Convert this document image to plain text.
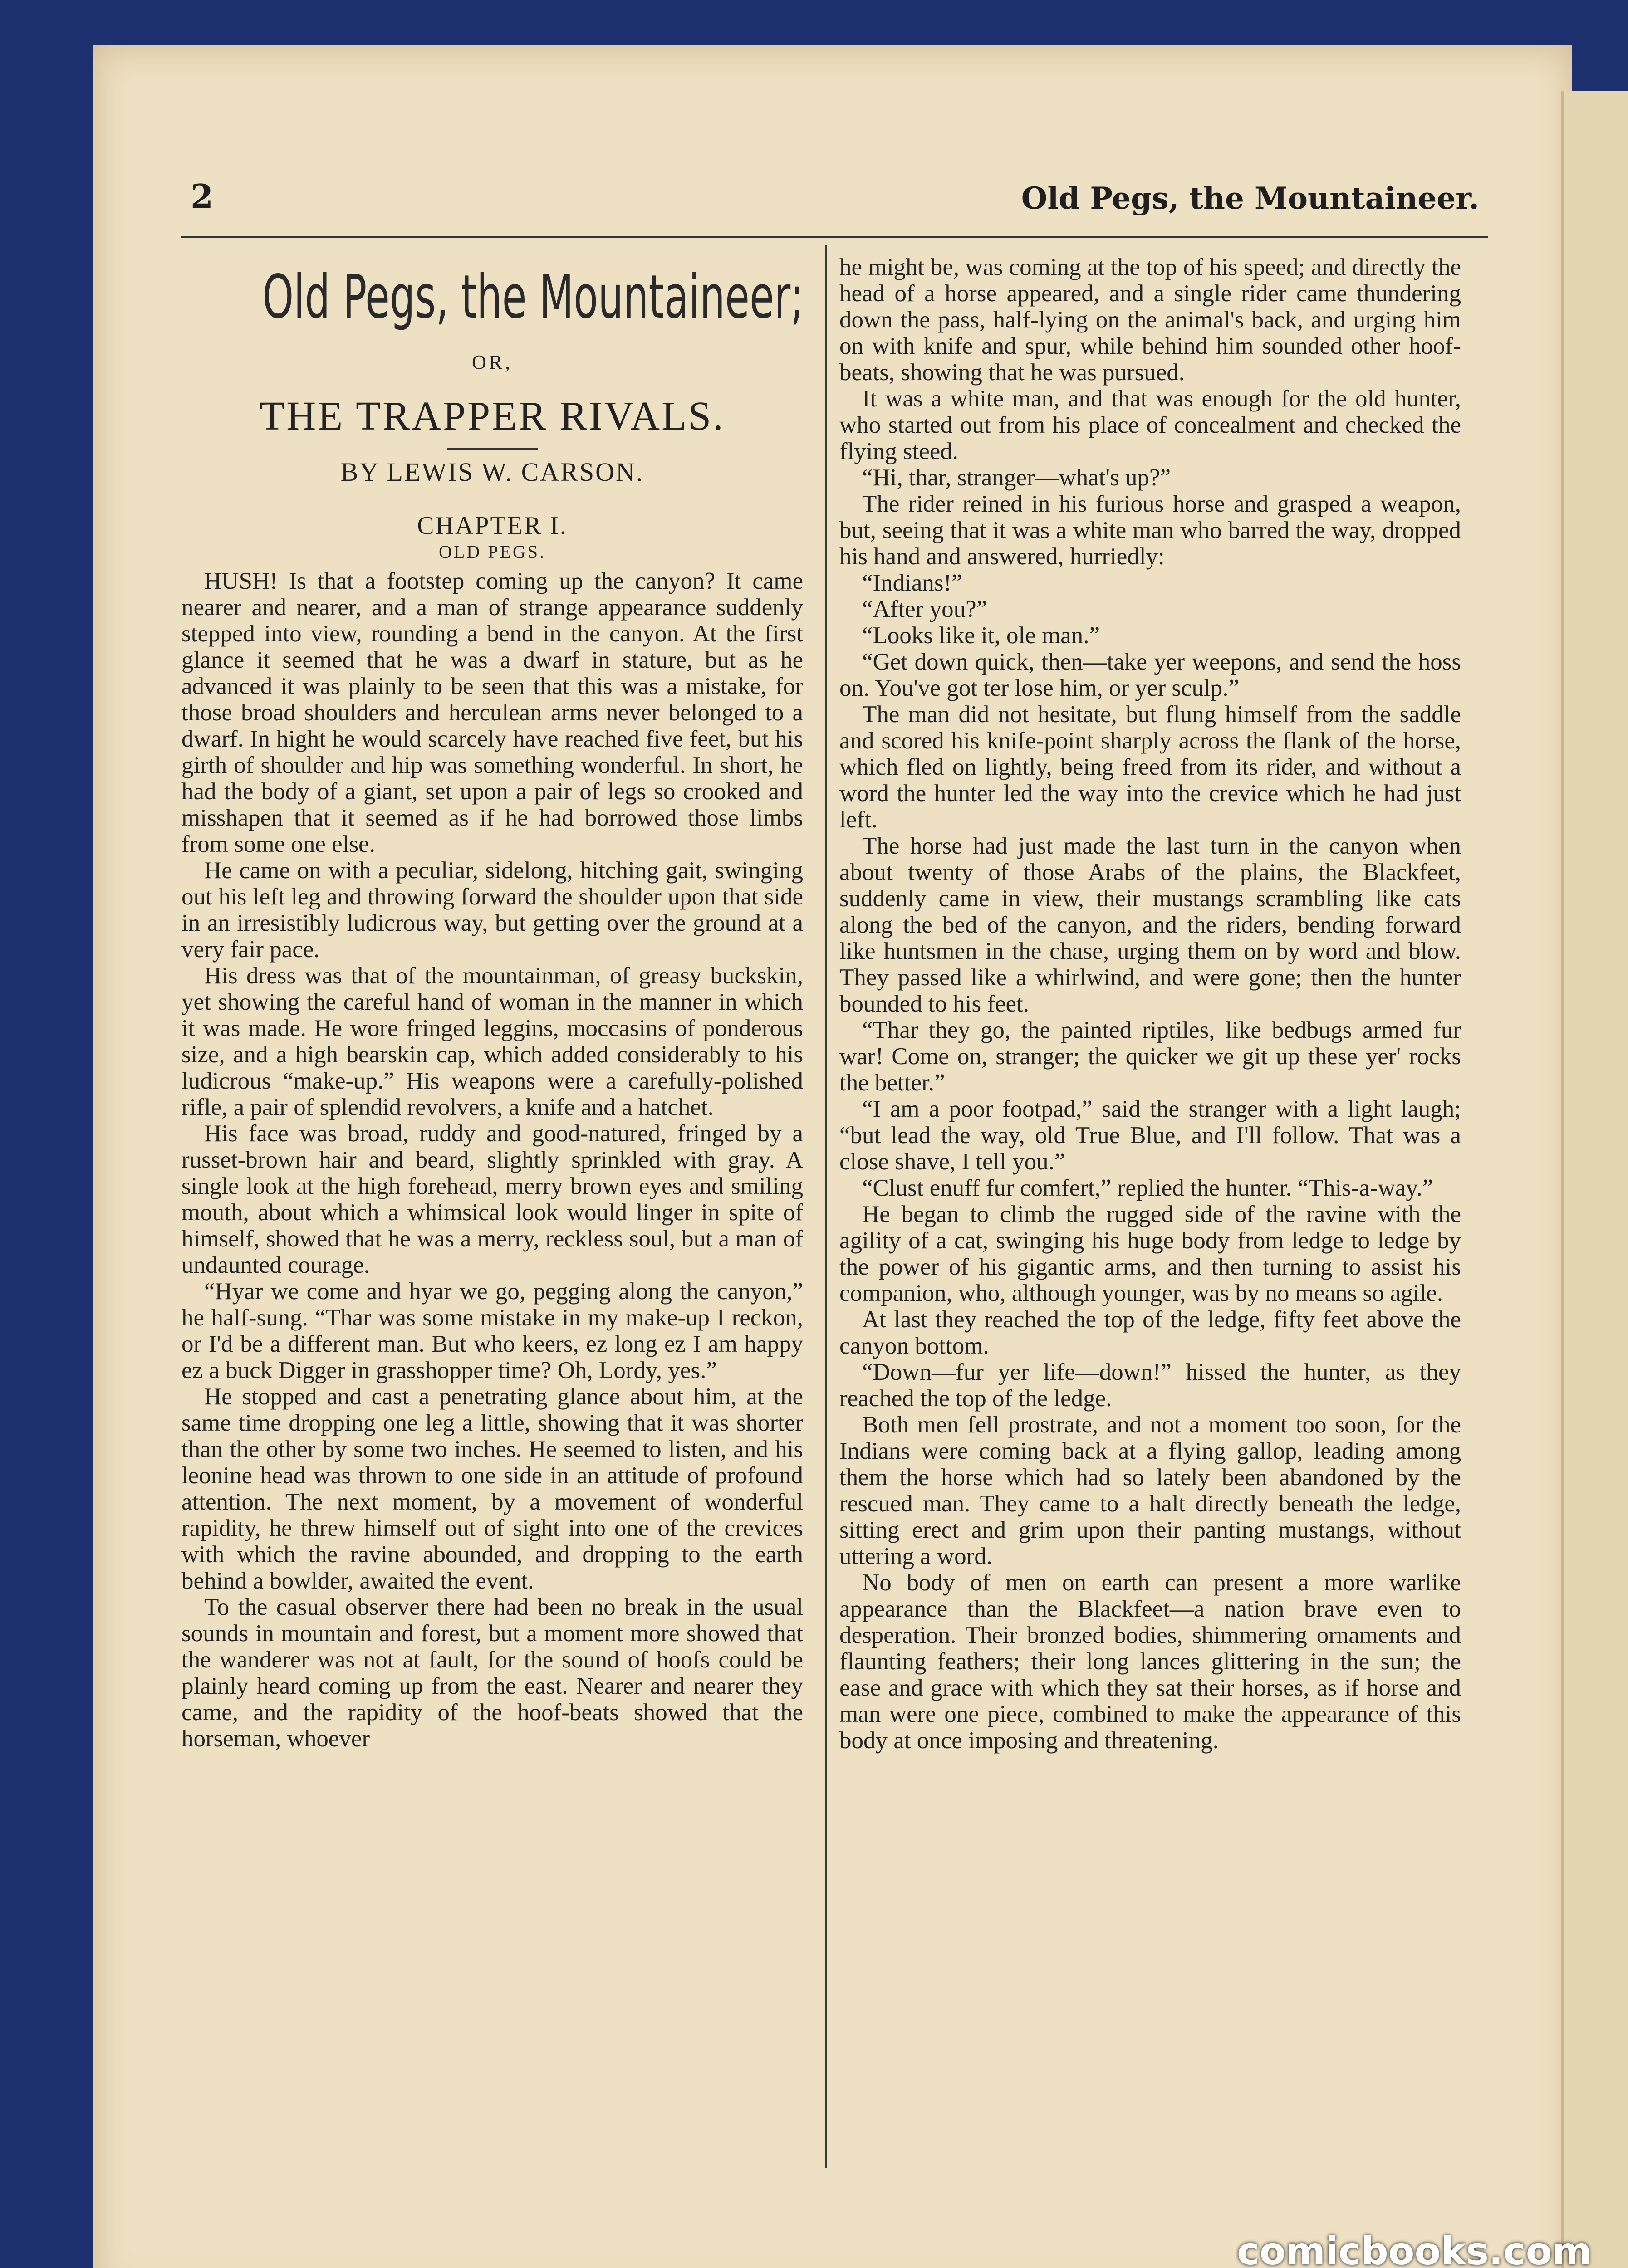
2	Old Pegs, the Mountaineer.
Old Pegs, the Mountaineer;
OR,
THE TRAPPER RIVALS.
BY LEWIS W. CARSON.
CHAPTER I.
OLD PEGS.

HUSH! Is that a footstep coming up the canyon? It came nearer and nearer, and a man of strange appearance suddenly stepped into view, rounding a bend in the canyon. At the first glance it seemed that he was a dwarf in stature, but as he advanced it was plainly to be seen that this was a mistake, for those broad shoulders and herculean arms never belonged to a dwarf. In hight he would scarcely have reached five feet, but his girth of shoulder and hip was something wonderful. In short, he had the body of a giant, set upon a pair of legs so crooked and misshapen that it seemed as if he had borrowed those limbs from some one else.

He came on with a peculiar, sidelong, hitching gait, swinging out his left leg and throwing forward the shoulder upon that side in an irresistibly ludicrous way, but getting over the ground at a very fair pace.

His dress was that of the mountainman, of greasy buckskin, yet showing the careful hand of woman in the manner in which it was made. He wore fringed leggins, moccasins of ponderous size, and a high bearskin cap, which added considerably to his ludicrous “make-up.” His weapons were a carefully-polished rifle, a pair of splendid revolvers, a knife and a hatchet.

His face was broad, ruddy and good-natured, fringed by a russet-brown hair and beard, slightly sprinkled with gray. A single look at the high forehead, merry brown eyes and smiling mouth, about which a whimsical look would linger in spite of himself, showed that he was a merry, reckless soul, but a man of undaunted courage.

“Hyar we come and hyar we go, pegging along the canyon,” he half-sung. “Thar was some mistake in my make-up I reckon, or I'd be a different man. But who keers, ez long ez I am happy ez a buck Digger in grasshopper time? Oh, Lordy, yes.”

He stopped and cast a penetrating glance about him, at the same time dropping one leg a little, showing that it was shorter than the other by some two inches. He seemed to listen, and his leonine head was thrown to one side in an attitude of profound attention. The next moment, by a movement of wonderful rapidity, he threw himself out of sight into one of the crevices with which the ravine abounded, and dropping to the earth behind a bowlder, awaited the event.

To the casual observer there had been no break in the usual sounds in mountain and forest, but a moment more showed that the wanderer was not at fault, for the sound of hoofs could be plainly heard coming up from the east. Nearer and nearer they came, and the rapidity of the hoof-beats showed that the horseman, whoever

he might be, was coming at the top of his speed; and directly the head of a horse appeared, and a single rider came thundering down the pass, half-lying on the animal's back, and urging him on with knife and spur, while behind him sounded other hoof-beats, showing that he was pursued.

It was a white man, and that was enough for the old hunter, who started out from his place of concealment and checked the flying steed.

“Hi, thar, stranger—what's up?”

The rider reined in his furious horse and grasped a weapon, but, seeing that it was a white man who barred the way, dropped his hand and answered, hurriedly:

“Indians!”

“After you?”

“Looks like it, ole man.”

“Get down quick, then—take yer weepons, and send the hoss on. You've got ter lose him, or yer sculp.”

The man did not hesitate, but flung himself from the saddle and scored his knife-point sharply across the flank of the horse, which fled on lightly, being freed from its rider, and without a word the hunter led the way into the crevice which he had just left.

The horse had just made the last turn in the canyon when about twenty of those Arabs of the plains, the Blackfeet, suddenly came in view, their mustangs scrambling like cats along the bed of the canyon, and the riders, bending forward like huntsmen in the chase, urging them on by word and blow. They passed like a whirlwind, and were gone; then the hunter bounded to his feet.

“Thar they go, the painted riptiles, like bedbugs armed fur war! Come on, stranger; the quicker we git up these yer' rocks the better.”

“I am a poor footpad,” said the stranger with a light laugh; “but lead the way, old True Blue, and I'll follow. That was a close shave, I tell you.”

“Clust enuff fur comfert,” replied the hunter. “This-a-way.”

He began to climb the rugged side of the ravine with the agility of a cat, swinging his huge body from ledge to ledge by the power of his gigantic arms, and then turning to assist his companion, who, although younger, was by no means so agile.

At last they reached the top of the ledge, fifty feet above the canyon bottom.

“Down—fur yer life—down!” hissed the hunter, as they reached the top of the ledge.

Both men fell prostrate, and not a moment too soon, for the Indians were coming back at a flying gallop, leading among them the horse which had so lately been abandoned by the rescued man. They came to a halt directly beneath the ledge, sitting erect and grim upon their panting mustangs, without uttering a word.

No body of men on earth can present a more warlike appearance than the Blackfeet—a nation brave even to desperation. Their bronzed bodies, shimmering ornaments and flaunting feathers; their long lances glittering in the sun; the ease and grace with which they sat their horses, as if horse and man were one piece, combined to make the appearance of this body at once imposing and threatening.

comicbooks.com
